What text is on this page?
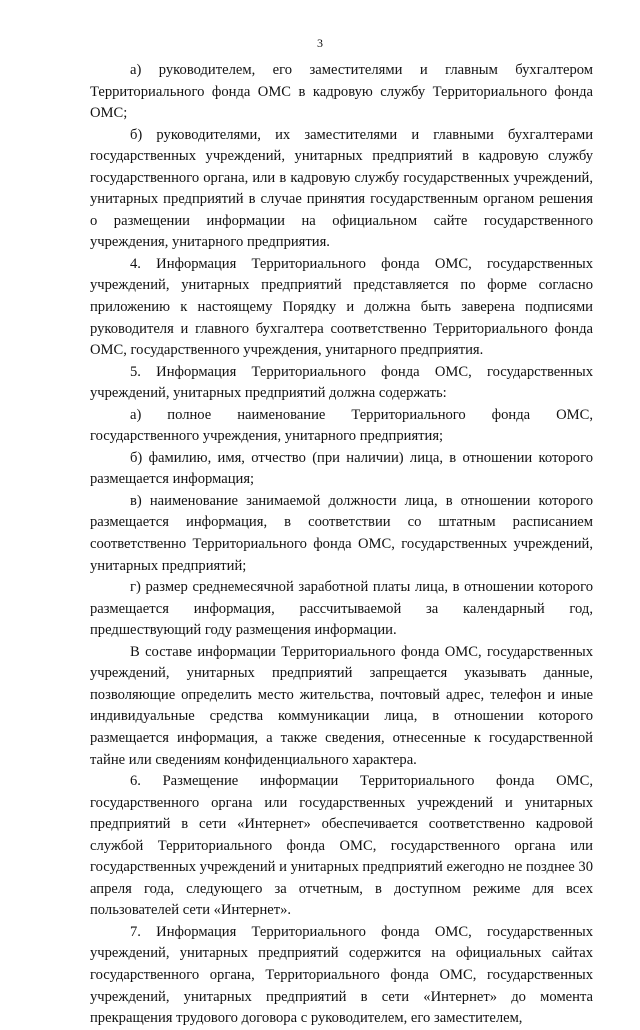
3

а) руководителем, его заместителями и главным бухгалтером Территориального фонда ОМС в кадровую службу Территориального фонда ОМС;

б) руководителями, их заместителями и главными бухгалтерами государственных учреждений, унитарных предприятий в кадровую службу государственного органа, или в кадровую службу государственных учреждений, унитарных предприятий в случае принятия государственным органом решения о размещении информации на официальном сайте государственного учреждения, унитарного предприятия.

4. Информация Территориального фонда ОМС, государственных учреждений, унитарных предприятий представляется по форме согласно приложению к настоящему Порядку и должна быть заверена подписями руководителя и главного бухгалтера соответственно Территориального фонда ОМС, государственного учреждения, унитарного предприятия.

5. Информация Территориального фонда ОМС, государственных учреждений, унитарных предприятий должна содержать:

а) полное наименование Территориального фонда ОМС, государственного учреждения, унитарного предприятия;

б) фамилию, имя, отчество (при наличии) лица, в отношении которого размещается информация;

в) наименование занимаемой должности лица, в отношении которого размещается информация, в соответствии со штатным расписанием соответственно Территориального фонда ОМС, государственных учреждений, унитарных предприятий;

г) размер среднемесячной заработной платы лица, в отношении которого размещается информация, рассчитываемой за календарный год, предшествующий году размещения информации.

В составе информации Территориального фонда ОМС, государственных учреждений, унитарных предприятий запрещается указывать данные, позволяющие определить место жительства, почтовый адрес, телефон и иные индивидуальные средства коммуникации лица, в отношении которого размещается информация, а также сведения, отнесенные к государственной тайне или сведениям конфиденциального характера.

6. Размещение информации Территориального фонда ОМС, государственного органа или государственных учреждений и унитарных предприятий в сети «Интернет» обеспечивается соответственно кадровой службой Территориального фонда ОМС, государственного органа или государственных учреждений и унитарных предприятий ежегодно не позднее 30 апреля года, следующего за отчетным, в доступном режиме для всех пользователей сети «Интернет».

7. Информация Территориального фонда ОМС, государственных учреждений, унитарных предприятий содержится на официальных сайтах государственного органа, Территориального фонда ОМС, государственных учреждений, унитарных предприятий в сети «Интернет» до момента прекращения трудового договора с руководителем, его заместителем,
